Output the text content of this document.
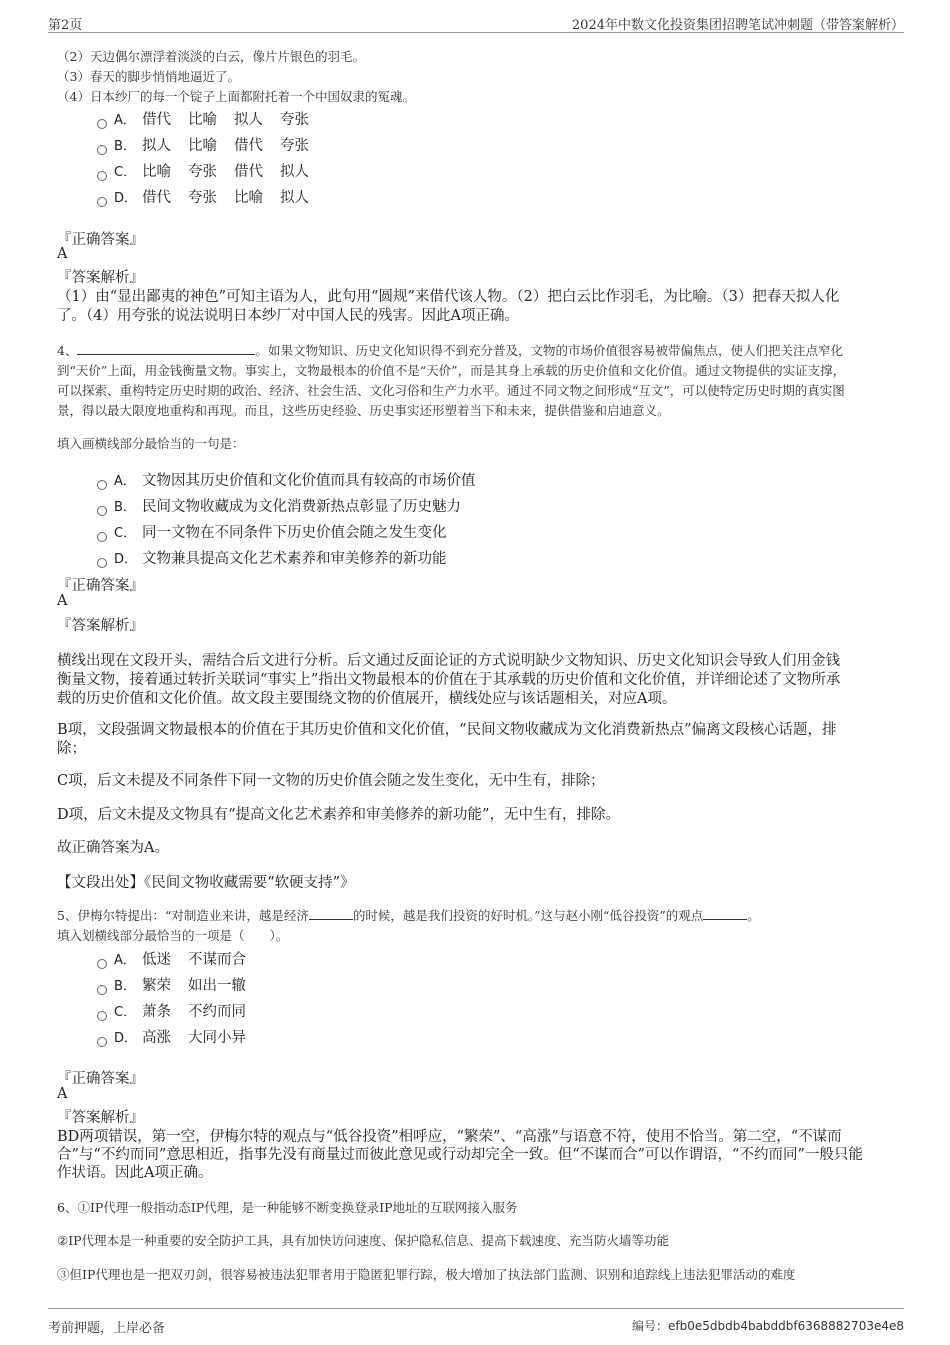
第2页	2024年中数文化投资集团招聘笔试冲刺题（带答案解析）
（2）天边偶尔漂浮着淡淡的白云，像片片银色的羽毛。
（3）春天的脚步悄悄地逼近了。
（4）日本纱厂的每一个锭子上面都附托着一个中国奴隶的冤魂。
A． 借代 比喻 拟人 夸张
B． 拟人 比喻 借代 夸张
C． 比喻 夸张 借代 拟人
D． 借代 夸张 比喻 拟人
『正确答案』
A
『答案解析』
（1）由“显出鄙夷的神色”可知主语为人，此句用“圆规”来借代该人物。（2）把白云比作羽毛，为比喻。（3）把春天拟人化
了。（4）用夸张的说法说明日本纱厂对中国人民的残害。因此A项正确。
4、	。如果文物知识、历史文化知识得不到充分普及，文物的市场价值很容易被带偏焦点，使人们把关注点窄化
到“天价”上面，用金钱衡量文物。事实上，文物最根本的价值不是“天价”，而是其身上承载的历史价值和文化价值。通过文物提供的实证支撑，
可以探索、重构特定历史时期的政治、经济、社会生活、文化习俗和生产力水平。通过不同文物之间形成“互文”，可以使特定历史时期的真实图
景，得以最大限度地重构和再现。而且，这些历史经验、历史事实还形塑着当下和未来，提供借鉴和启迪意义。
填入画横线部分最恰当的一句是：
A． 文物因其历史价值和文化价值而具有较高的市场价值
B． 民间文物收藏成为文化消费新热点彰显了历史魅力
C． 同一文物在不同条件下历史价值会随之发生变化
D． 文物兼具提高文化艺术素养和审美修养的新功能
『正确答案』
A
『答案解析』
横线出现在文段开头，需结合后文进行分析。后文通过反面论证的方式说明缺少文物知识、历史文化知识会导致人们用金钱
衡量文物，接着通过转折关联词“事实上”指出文物最根本的价值在于其承载的历史价值和文化价值，并详细论述了文物所承
载的历史价值和文化价值。故文段主要围绕文物的价值展开，横线处应与该话题相关，对应A项。
B项，文段强调文物最根本的价值在于其历史价值和文化价值，“民间文物收藏成为文化消费新热点”偏离文段核心话题，排
除；
C项，后文未提及不同条件下同一文物的历史价值会随之发生变化，无中生有，排除；
D项，后文未提及文物具有“提高文化艺术素养和审美修养的新功能”，无中生有，排除。
故正确答案为A。
【文段出处】《民间文物收藏需要“软硬支持”》
5、伊梅尔特提出：“对制造业来讲，越是经济	的时候，越是我们投资的好时机。”这与赵小刚“低谷投资”的观点	。
填入划横线部分最恰当的一项是（　　）。
A． 低迷 不谋而合
B． 繁荣 如出一辙
C． 萧条 不约而同
D． 高涨 大同小异
『正确答案』
A
『答案解析』
BD两项错误，第一空，伊梅尔特的观点与“低谷投资”相呼应，“繁荣”、“高涨”与语意不符，使用不恰当。第二空，“不谋而
合”与“不约而同”意思相近，指事先没有商量过而彼此意见或行动却完全一致。但“不谋而合”可以作谓语，“不约而同”一般只能
作状语。因此A项正确。
6、①IP代理一般指动态IP代理，是一种能够不断变换登录IP地址的互联网接入服务
②IP代理本是一种重要的安全防护工具，具有加快访问速度、保护隐私信息、提高下载速度、充当防火墙等功能
③但IP代理也是一把双刃剑，很容易被违法犯罪者用于隐匿犯罪行踪，极大增加了执法部门监测、识别和追踪线上违法犯罪活动的难度
考前押题，上岸必备	编号：efb0e5dbdb4babddbf6368882703e4e8
